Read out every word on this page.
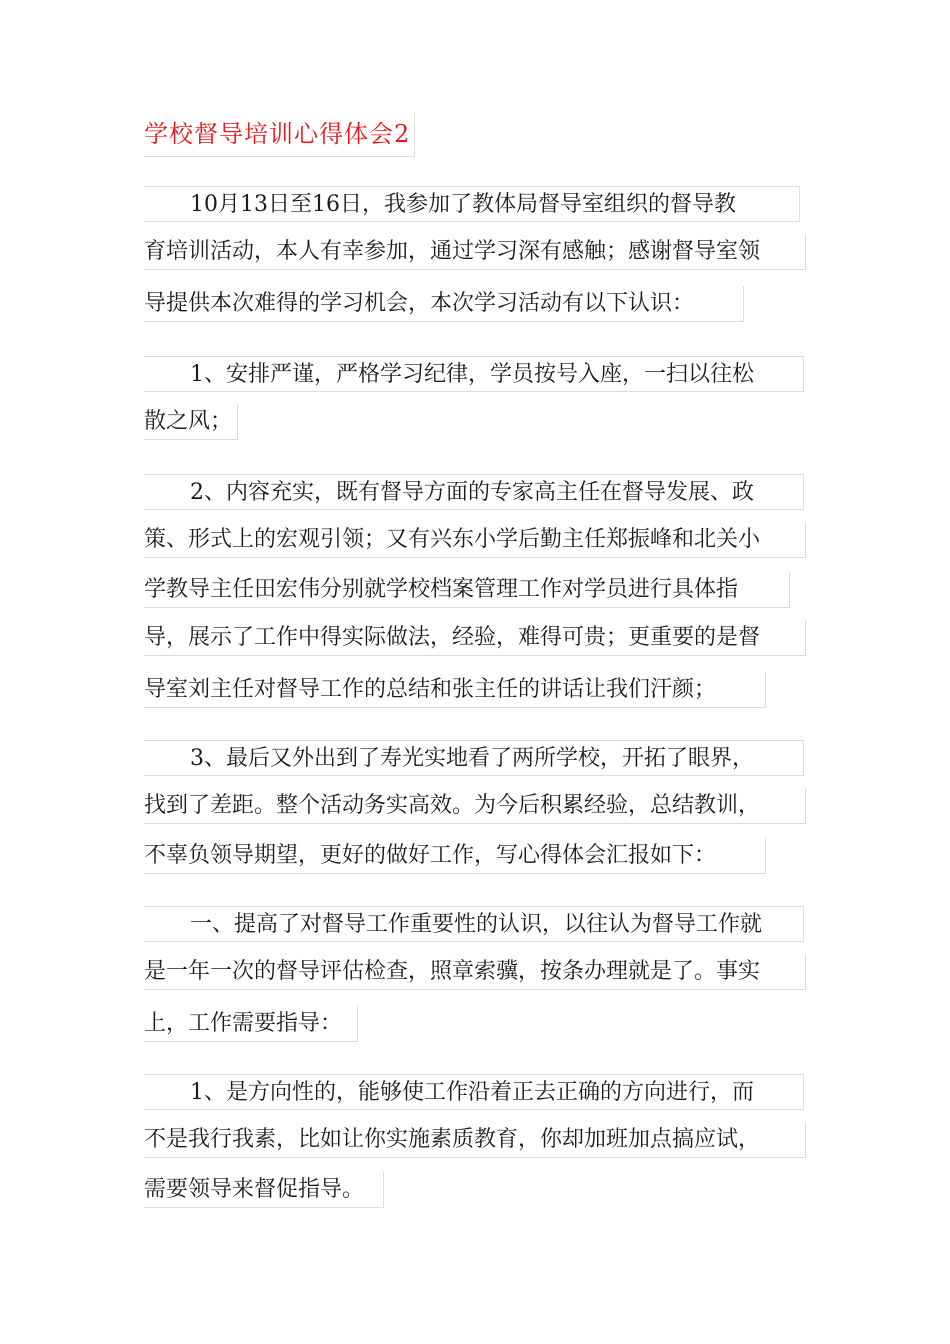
学校督导培训心得体会2
10月13日至16日，我参加了教体局督导室组织的督导教
育培训活动，本人有幸参加，通过学习深有感触；感谢督导室领
导提供本次难得的学习机会，本次学习活动有以下认识：
1、安排严谨，严格学习纪律，学员按号入座，一扫以往松
散之风；
2、内容充实，既有督导方面的专家高主任在督导发展、政
策、形式上的宏观引领；又有兴东小学后勤主任郑振峰和北关小
学教导主任田宏伟分别就学校档案管理工作对学员进行具体指
导，展示了工作中得实际做法，经验，难得可贵；更重要的是督
导室刘主任对督导工作的总结和张主任的讲话让我们汗颜；
3、最后又外出到了寿光实地看了两所学校，开拓了眼界，
找到了差距。整个活动务实高效。为今后积累经验，总结教训，
不辜负领导期望，更好的做好工作，写心得体会汇报如下：
一、提高了对督导工作重要性的认识，以往认为督导工作就
是一年一次的督导评估检查，照章索骥，按条办理就是了。事实
上，工作需要指导：
1、是方向性的，能够使工作沿着正去正确的方向进行，而
不是我行我素，比如让你实施素质教育，你却加班加点搞应试，
需要领导来督促指导。
